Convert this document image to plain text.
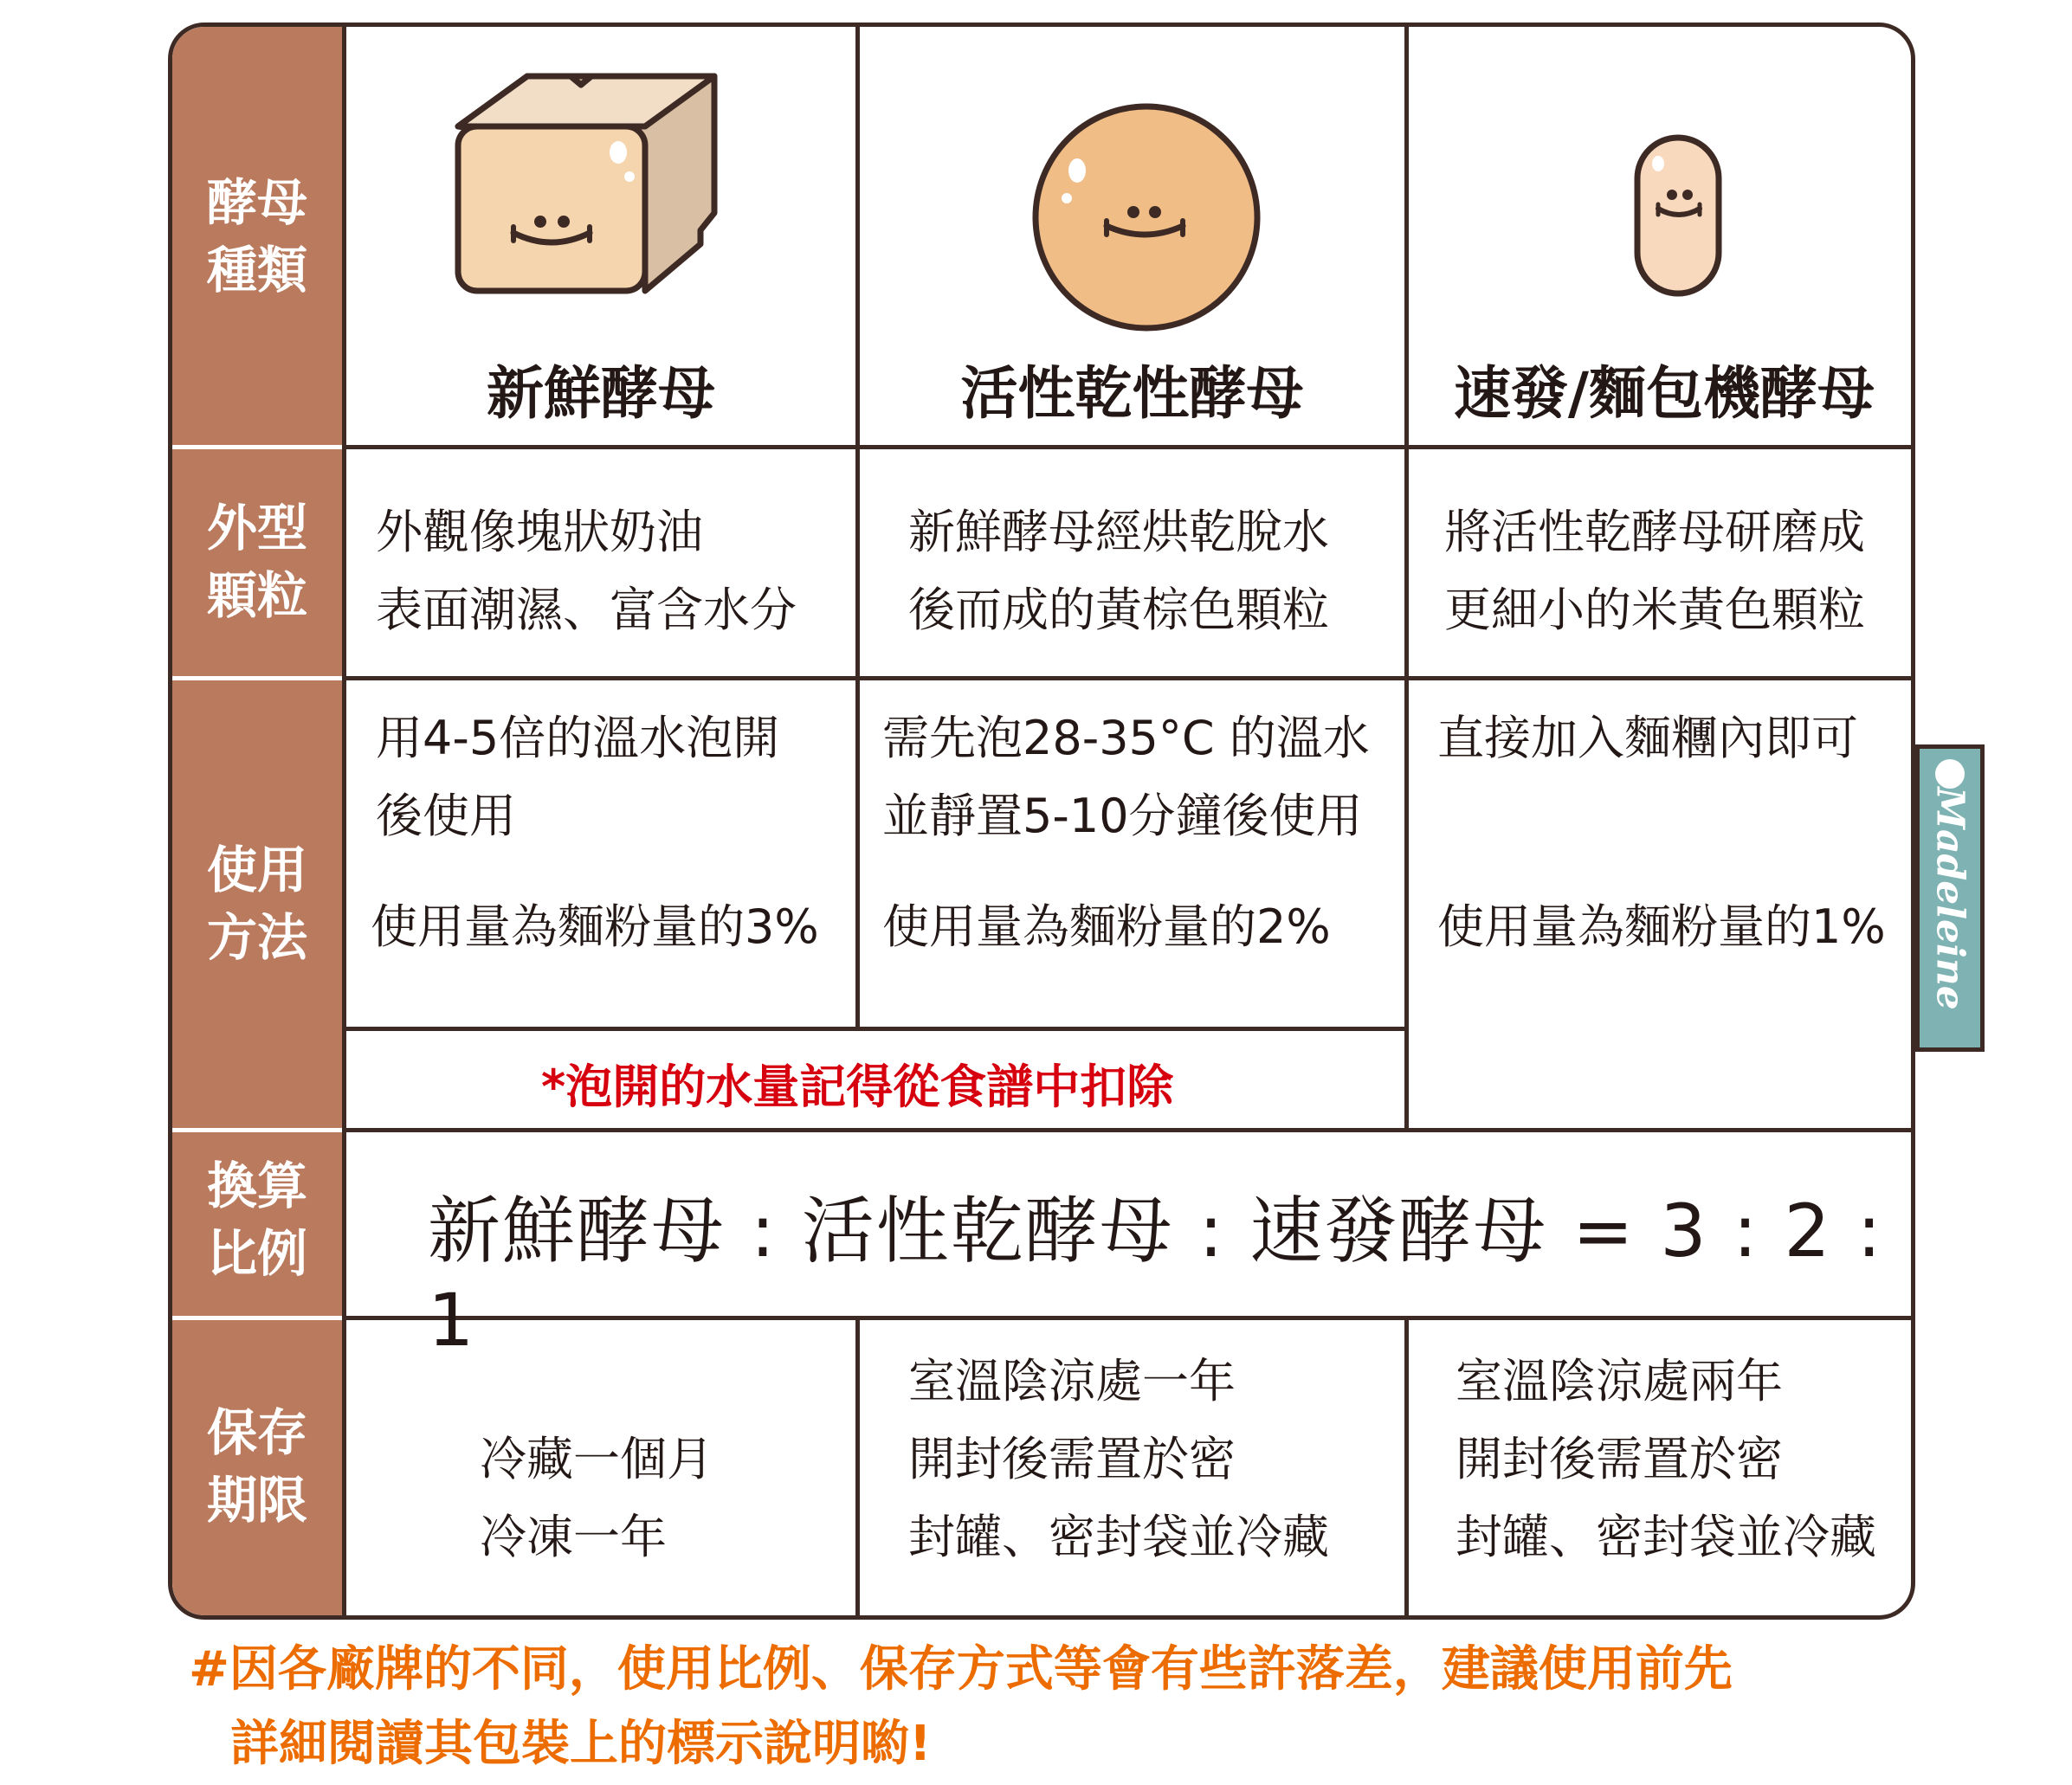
酵母
種類
外型
顆粒
使用
方法
換算
比例
保存
期限
新鮮酵母	活性乾性酵母	速發/麵包機酵母
外觀像塊狀奶油
表面潮濕、富含水分
新鮮酵母經烘乾脫水
後而成的黃棕色顆粒
將活性乾酵母研磨成
更細小的米黃色顆粒
用4-5倍的溫水泡開
後使用
需先泡28-35°C 的溫水
並靜置5-10分鐘後使用
直接加入麵糰內即可
使用量為麵粉量的3% 使用量為麵粉量的2% 使用量為麵粉量的1%
*泡開的水量記得從食譜中扣除
新鮮酵母 : 活性乾酵母 : 速發酵母 = 3 : 2 : 1
冷藏一個月
冷凍一年
室溫陰涼處一年
開封後需置於密
封罐、密封袋並冷藏
室溫陰涼處兩年
開封後需置於密
封罐、密封袋並冷藏
Madeleine
#因各廠牌的不同，使用比例、保存方式等會有些許落差，建議使用前先
詳細閱讀其包裝上的標示說明喲!
